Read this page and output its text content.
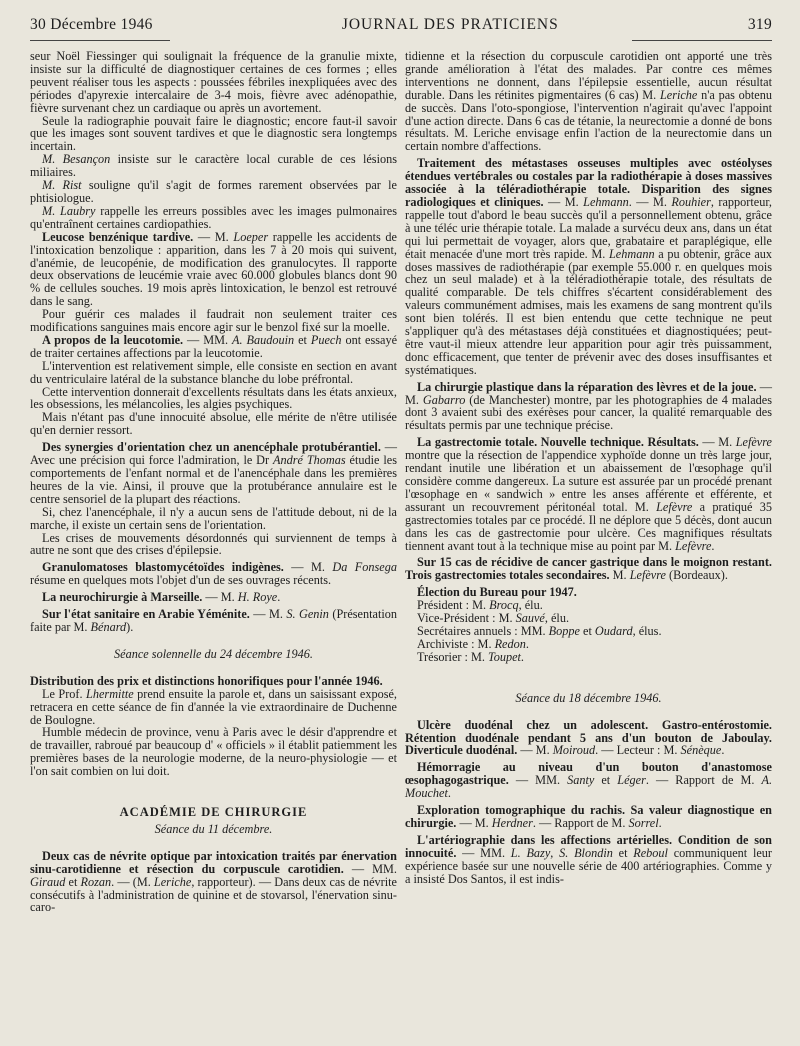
30 Décembre 1946	JOURNAL DES PRATICIENS	319

seur Noël Fiessinger qui soulignait la fréquence de la granulie mixte, insiste sur la difficulté de diagnostiquer certaines de ces formes ; elles peuvent réaliser tous les aspects : poussées fébriles inexpliquées avec des périodes d'apyrexie intercalaire de 3-4 mois, fièvre avec adénopathie, fièvre survenant chez un cardiaque ou après un avortement.

Seule la radiographie pouvait faire le diagnostic; encore faut-il savoir que les images sont souvent tardives et que le diagnostic sera longtemps incertain.

M. Besançon insiste sur le caractère local curable de ces lésions miliaires.

M. Rist souligne qu'il s'agit de formes rarement observées par le phtisiologue.

M. Laubry rappelle les erreurs possibles avec les images pulmonaires qu'entraînent certaines cardiopathies.

Leucose benzénique tardive. — M. Loeper rappelle les accidents de l'intoxication benzolique : apparition, dans les 7 à 20 mois qui suivent, d'anémie, de leucopénie, de modification des granulocytes. Il rapporte deux observations de leucémie vraie avec 60.000 globules blancs dont 90 % de cellules souches. 19 mois après lintoxication, le benzol est retrouvé dans le sang.

Pour guérir ces malades il faudrait non seulement traiter ces modifications sanguines mais encore agir sur le benzol fixé sur la moelle.

A propos de la leucotomie. — MM. A. Baudouin et Puech ont essayé de traiter certaines affections par la leucotomie.

L'intervention est relativement simple, elle consiste en section en avant du ventriculaire latéral de la substance blanche du lobe préfrontal.

Cette intervention donnerait d'excellents résultats dans les états anxieux, les obsessions, les mélancolies, les algies psychiques.

Mais n'étant pas d'une innocuité absolue, elle mérite de n'être utilisée qu'en dernier ressort.

Des synergies d'orientation chez un anencéphale protubérantiel. — Avec une précision qui force l'admiration, le Dr André Thomas étudie les comportements de l'enfant normal et de l'anencéphale dans les premières heures de la vie. Ainsi, il prouve que la protubérance annulaire est le centre sensoriel de la plupart des réactions.

Si, chez l'anencéphale, il n'y a aucun sens de l'attitude debout, ni de la marche, il existe un certain sens de l'orientation.

Les crises de mouvements désordonnés qui surviennent de temps à autre ne sont que des crises d'épilepsie.

Granulomatoses blastomycétoïdes indigènes. — M. Da Fonsega résume en quelques mots l'objet d'un de ses ouvrages récents.

La neurochirurgie à Marseille. — M. H. Roye.

Sur l'état sanitaire en Arabie Yéménite. — M. S. Genin (Présentation faite par M. Bénard).

Séance solennelle du 24 décembre 1946.

Distribution des prix et distinctions honorifiques pour l'année 1946.

Le Prof. Lhermitte prend ensuite la parole et, dans un saisissant exposé, retracera en cette séance de fin d'année la vie extraordinaire de Duchenne de Boulogne.

Humble médecin de province, venu à Paris avec le désir d'apprendre et de travailler, rabroué par beaucoup d' « officiels » il établit patiemment les premières bases de la neurologie moderne, de la neuro-physiologie — et l'on sait combien on lui doit.

ACADÉMIE DE CHIRURGIE

Séance du 11 décembre.

Deux cas de névrite optique par intoxication traités par énervation sinu-carotidienne et résection du corpuscule carotidien. — MM. Giraud et Rozan. — (M. Leriche, rapporteur). — Dans deux cas de névrite consécutifs à l'administration de quinine et de stovarsol, l'énervation sinu-caro-

tidienne et la résection du corpuscule carotidien ont apporté une très grande amélioration à l'état des malades. Par contre ces mêmes interventions ne donnent, dans l'épilepsie essentielle, aucun résultat durable. Dans les rétinites pigmentaires (6 cas) M. Leriche n'a pas obtenu de succès. Dans l'oto-spongiose, l'intervention n'agirait qu'avec l'appoint d'une action directe. Dans 6 cas de tétanie, la neurectomie a donné de bons résultats. M. Leriche envisage enfin l'action de la neurectomie dans un certain nombre d'affections.

Traitement des métastases osseuses multiples avec ostéolyses étendues vertébrales ou costales par la radiothérapie à doses massives associée à la téléradiothérapie totale. Disparition des signes radiologiques et cliniques. — M. Lehmann. — M. Rouhier, rapporteur, rappelle tout d'abord le beau succès qu'il a personnellement obtenu, grâce à une téléc urie thérapie totale. La malade a survécu deux ans, dans un état qui lui permettait de voyager, alors que, grabataire et paraplégique, elle était menacée d'une mort très rapide. M. Lehmann a pu obtenir, grâce aux doses massives de radiothérapie (par exemple 55.000 r. en quelques mois chez un seul malade) et à la téléradiothérapie totale, des résultats de qualité comparable. De tels chiffres s'écartent considérablement des valeurs communément admises, mais les examens de sang montrent qu'ils sont bien tolérés. Il est bien entendu que cette technique ne peut s'appliquer qu'à des métastases déjà constituées et diagnostiquées; peut-être vaut-il mieux attendre leur apparition pour agir très puissamment, donc efficacement, que tenter de prévenir avec des doses insuffisantes et systématiques.

La chirurgie plastique dans la réparation des lèvres et de la joue. — M. Gabarro (de Manchester) montre, par les photographies de 4 malades dont 3 avaient subi des exérèses pour cancer, la qualité remarquable des résultats permis par une technique précise.

La gastrectomie totale. Nouvelle technique. Résultats. — M. Lefèvre montre que la résection de l'appendice xyphoïde donne un très large jour, rendant inutile une libération et un abaissement de l'œsophage qu'il considère comme dangereux. La suture est assurée par un procédé prenant l'œsophage en « sandwich » entre les anses afférente et efférente, et assurant un recouvrement péritonéal total. M. Lefèvre a pratiqué 35 gastrectomies totales par ce procédé. Il ne déplore que 5 décès, dont aucun dans les cas de gastrectomie pour ulcère. Ces magnifiques résultats tiennent avant tout à la technique mise au point par M. Lefèvre.

Sur 15 cas de récidive de cancer gastrique dans le moignon restant. Trois gastrectomies totales secondaires. M. Lefèvre (Bordeaux).

Élection du Bureau pour 1947.

Président : M. Brocq, élu.
Vice-Président : M. Sauvé, élu.
Secrétaires annuels : MM. Boppe et Oudard, élus.
Archiviste : M. Redon.
Trésorier : M. Toupet.

Séance du 18 décembre 1946.

Ulcère duodénal chez un adolescent. Gastro-entérostomie. Rétention duodénale pendant 5 ans d'un bouton de Jaboulay. Diverticule duodénal. — M. Moiroud. — Lecteur : M. Sénèque.

Hémorragie au niveau d'un bouton d'anastomose œsophagogastrique. — MM. Santy et Léger. — Rapport de M. A. Mouchet.

Exploration tomographique du rachis. Sa valeur diagnostique en chirurgie. — M. Herdner. — Rapport de M. Sorrel.

L'artériographie dans les affections artérielles. Condition de son innocuité. — MM. L. Bazy, S. Blondin et Reboul communiquent leur expérience basée sur une nouvelle série de 400 artériographies. Comme y a insisté Dos Santos, il est indis-
